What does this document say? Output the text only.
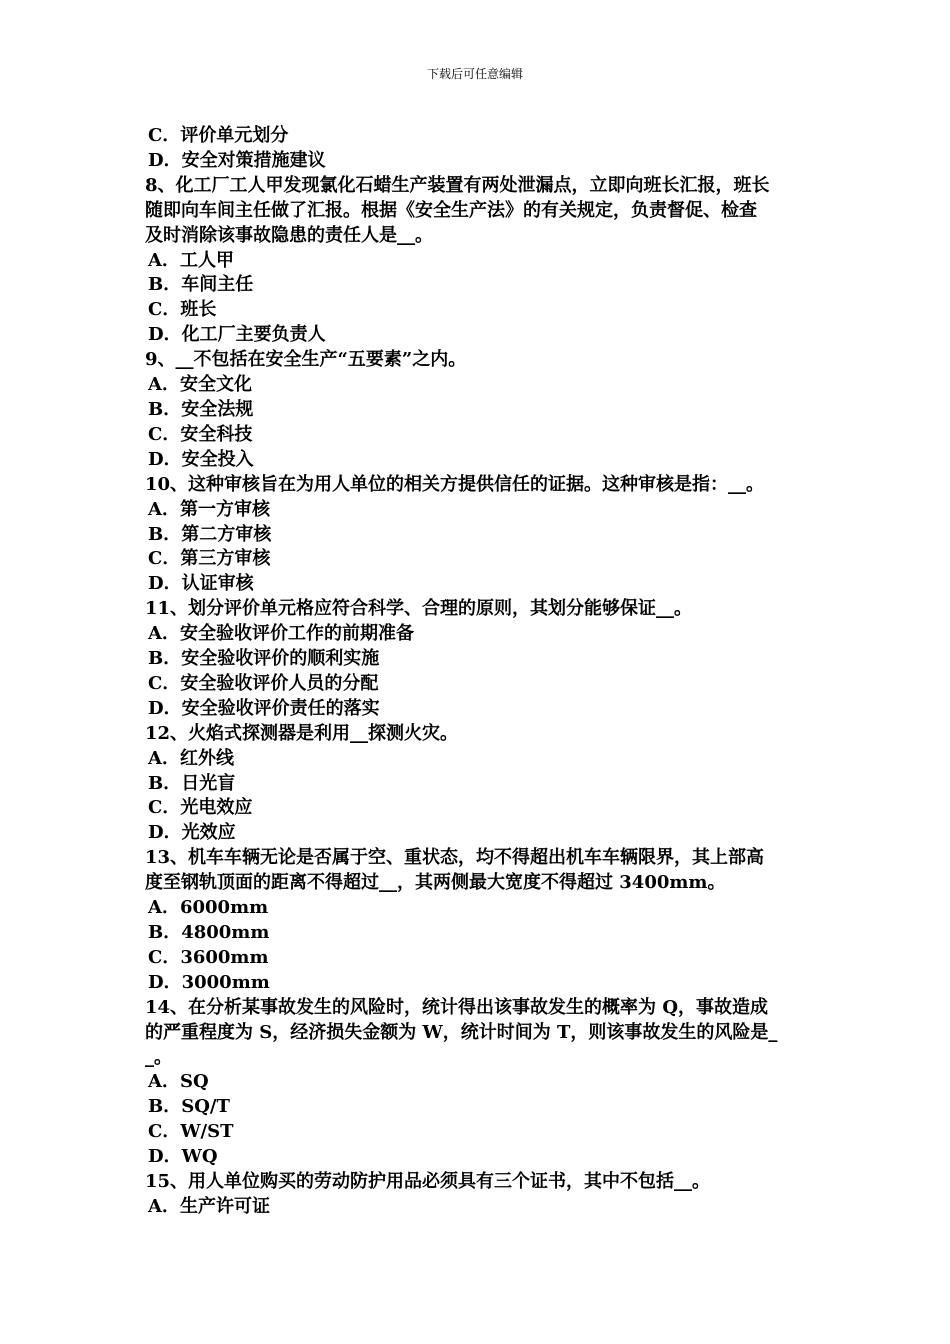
下载后可任意编辑
C．评价单元划分
D．安全对策措施建议
8、化工厂工人甲发现氯化石蜡生产装置有两处泄漏点，立即向班长汇报，班长
随即向车间主任做了汇报。根据《安全生产法》的有关规定，负责督促、检查
及时消除该事故隐患的责任人是__。
A．工人甲
B．车间主任
C．班长
D．化工厂主要负责人
9、__不包括在安全生产“五要素”之内。
A．安全文化
B．安全法规
C．安全科技
D．安全投入
10、这种审核旨在为用人单位的相关方提供信任的证据。这种审核是指：__。
A．第一方审核
B．第二方审核
C．第三方审核
D．认证审核
11、划分评价单元格应符合科学、合理的原则，其划分能够保证__。
A．安全验收评价工作的前期准备
B．安全验收评价的顺利实施
C．安全验收评价人员的分配
D．安全验收评价责任的落实
12、火焰式探测器是利用__探测火灾。
A．红外线
B．日光盲
C．光电效应
D．光效应
13、机车车辆无论是否属于空、重状态，均不得超出机车车辆限界，其上部高
度至钢轨顶面的距离不得超过__，其两侧最大宽度不得超过 3400mm。
A．6000mm
B．4800mm
C．3600mm
D．3000mm
14、在分析某事故发生的风险时，统计得出该事故发生的概率为 Q，事故造成
的严重程度为 S，经济损失金额为 W，统计时间为 T，则该事故发生的风险是_
_。
A．SQ
B．SQ/T
C．W/ST
D．WQ
15、用人单位购买的劳动防护用品必须具有三个证书，其中不包括__。
A．生产许可证
